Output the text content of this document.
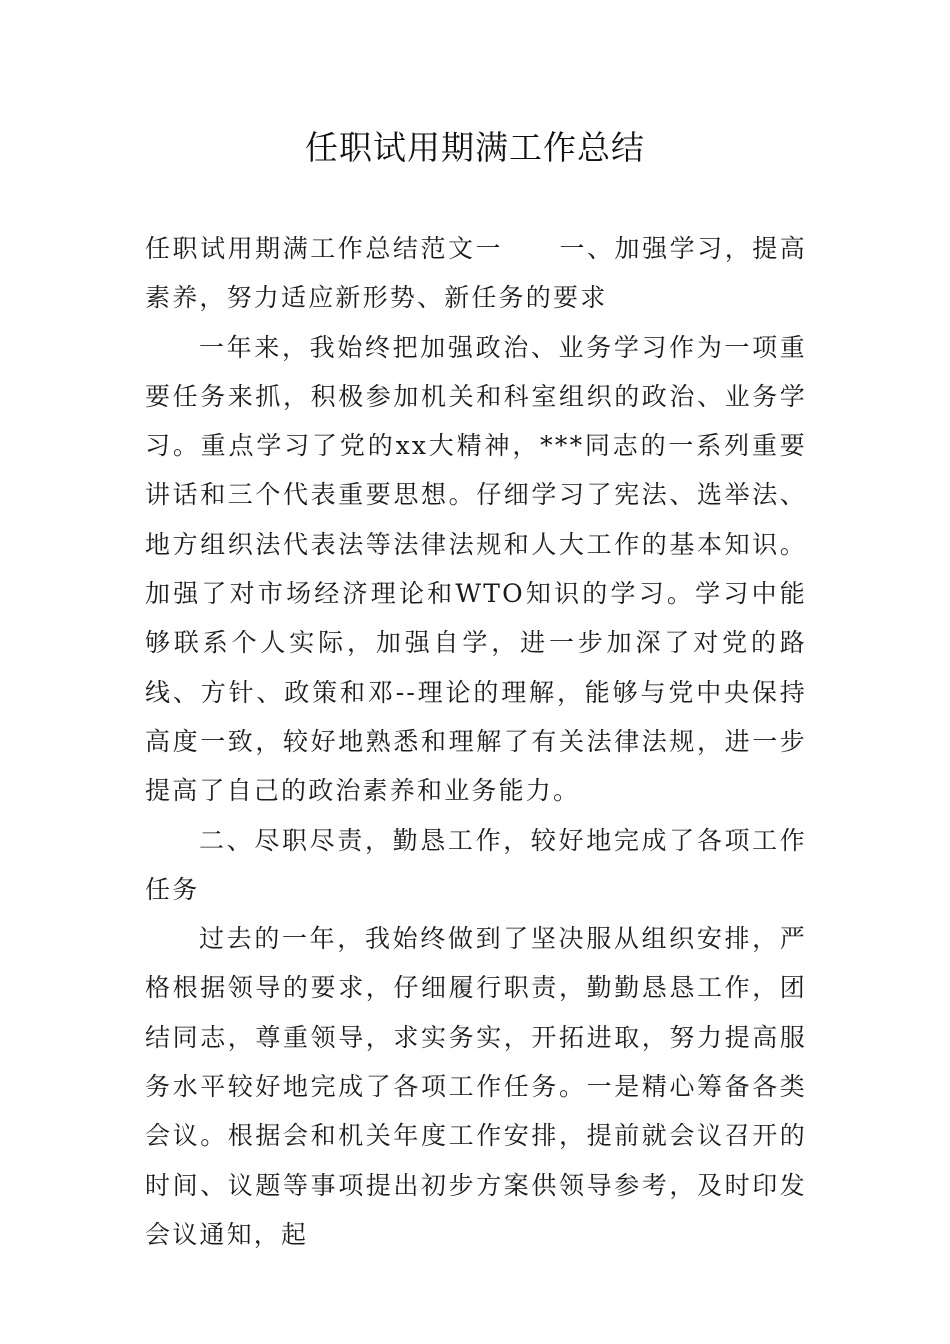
任职试用期满工作总结

任职试用期满工作总结范文一 一、加强学习，提高素养，努力适应新形势、新任务的要求

一年来，我始终把加强政治、业务学习作为一项重要任务来抓，积极参加机关和科室组织的政治、业务学习。重点学习了党的xx大精神，***同志的一系列重要讲话和三个代表重要思想。仔细学习了宪法、选举法、地方组织法代表法等法律法规和人大工作的基本知识。加强了对市场经济理论和WTO知识的学习。学习中能够联系个人实际，加强自学，进一步加深了对党的路线、方针、政策和邓--理论的理解，能够与党中央保持高度一致，较好地熟悉和理解了有关法律法规，进一步提高了自己的政治素养和业务能力。

二、尽职尽责，勤恳工作，较好地完成了各项工作任务

过去的一年，我始终做到了坚决服从组织安排，严格根据领导的要求，仔细履行职责，勤勤恳恳工作，团结同志，尊重领导，求实务实，开拓进取，努力提高服务水平较好地完成了各项工作任务。一是精心筹备各类会议。根据会和机关年度工作安排，提前就会议召开的时间、议题等事项提出初步方案供领导参考，及时印发会议通知，起
